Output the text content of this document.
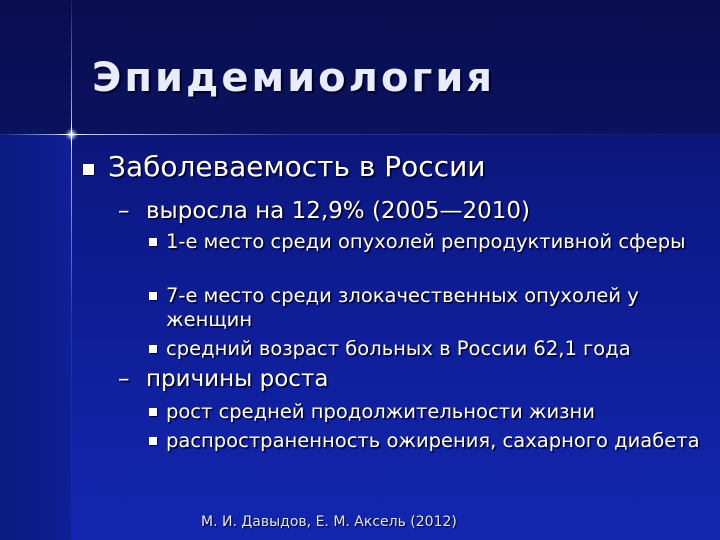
Эпидемиология
Заболеваемость в России
– выросла на 12,9% (2005—2010)
1-е место среди опухолей репродуктивной сферы
7-е место среди злокачественных опухолей у женщин
средний возраст больных в России 62,1 года
– причины роста
рост средней продолжительности жизни
распространенность ожирения, сахарного диабета
М. И. Давыдов, Е. М. Аксель (2012)
